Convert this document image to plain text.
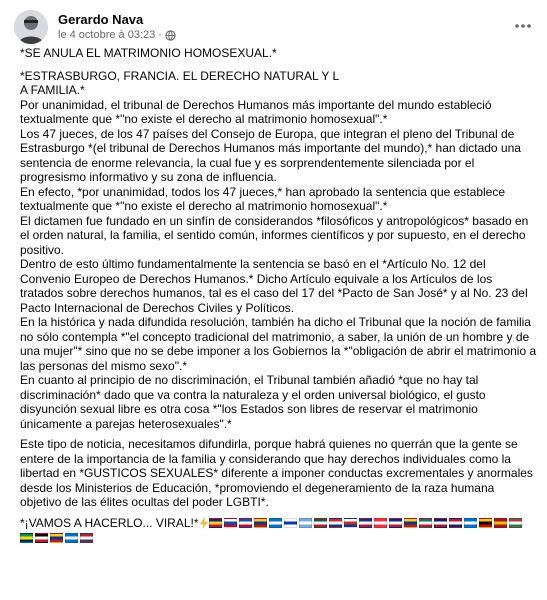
Gerardo Nava
le 4 octobre à 03:23 ·

*SE ANULA EL MATRIMONIO HOMOSEXUAL.*

*ESTRASBURGO, FRANCIA. EL DERECHO NATURAL Y L

A FAMILIA.*

Por unanimidad, el tribunal de Derechos Humanos más importante del mundo estableció textualmente que *"no existe el derecho al matrimonio homosexual".*

Los 47 jueces, de los 47 países del Consejo de Europa, que integran el pleno del Tribunal de Estrasburgo *(el tribunal de Derechos Humanos más importante del mundo),* han dictado una sentencia de enorme relevancia, la cual fue y es sorprendentemente silenciada por el progresismo informativo y su zona de influencia.

En efecto, *por unanimidad, todos los 47 jueces,* han aprobado la sentencia que establece textualmente que *"no existe el derecho al matrimonio homosexual".*

El dictamen fue fundado en un sinfín de considerandos *filosóficos y antropológicos* basado en el orden natural, la familia, el sentido común, informes científicos y por supuesto, en el derecho positivo.

Dentro de esto último fundamentalmente la sentencia se basó en el *Artículo No. 12 del Convenio Europeo de Derechos Humanos.* Dicho Artículo equivale a los Artículos de los tratados sobre derechos humanos, tal es el caso del 17 del *Pacto de San José* y al No. 23 del Pacto Internacional de Derechos Civiles y Políticos.

En la histórica y nada difundida resolución, también ha dicho el Tribunal que la noción de familia no sólo contempla *"el concepto tradicional del matrimonio, a saber, la unión de un hombre y de una mujer"* sino que no se debe imponer a los Gobiernos la *"obligación de abrir el matrimonio a las personas del mismo sexo".*

En cuanto al principio de no discriminación, el Tribunal también añadió *que no hay tal discriminación* dado que va contra la naturaleza y el orden universal biológico, el gusto disyunción sexual libre es otra cosa *"los Estados son libres de reservar el matrimonio únicamente a parejas heterosexuales".*

Este tipo de noticia, necesitamos difundirla, porque habrá quienes no querrán que la gente se entere de la importancia de la familia y considerando que hay derechos individuales como la libertad en *GUSTICOS SEXUALES* diferente a imponer conductas excrementales y anormales desde los Ministerios de Educación, *promoviendo el degeneramiento de la raza humana objetivo de las élites ocultas del poder LGBTI*.

*¡VAMOS A HACERLO... VIRAL!*
